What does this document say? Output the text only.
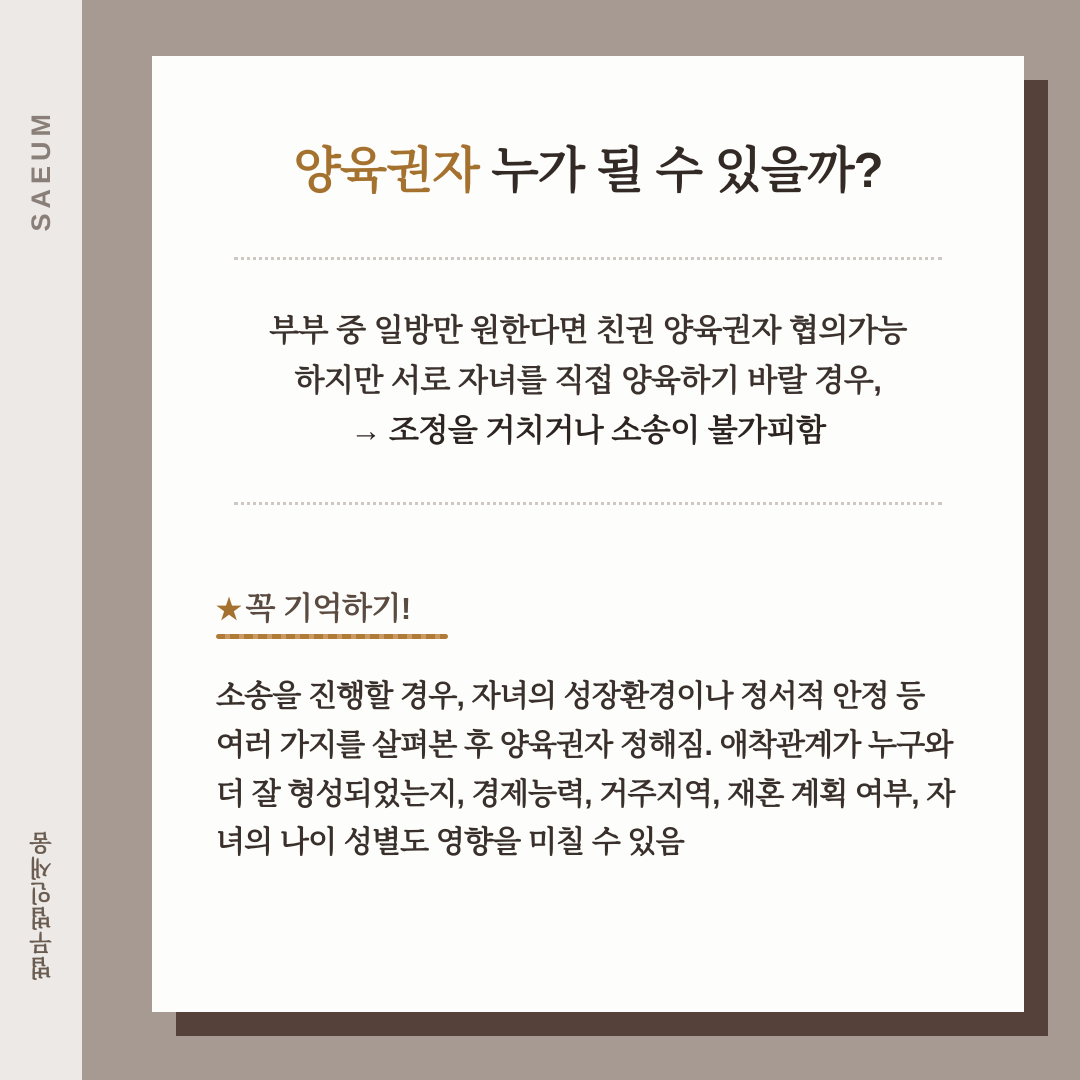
SAEUM
법무법인새움
양육권자 누가 될 수 있을까?

부부 중 일방만 원한다면 친권 양육권자 협의가능
하지만 서로 자녀를 직접 양육하기 바랄 경우,
→ 조정을 거치거나 소송이 불가피함

★ 꼭 기억하기!

소송을 진행할 경우, 자녀의 성장환경이나 정서적 안정 등 여러 가지를 살펴본 후 양육권자 정해짐. 애착관계가 누구와 더 잘 형성되었는지, 경제능력, 거주지역, 재혼 계획 여부, 자녀의 나이 성별도 영향을 미칠 수 있음
